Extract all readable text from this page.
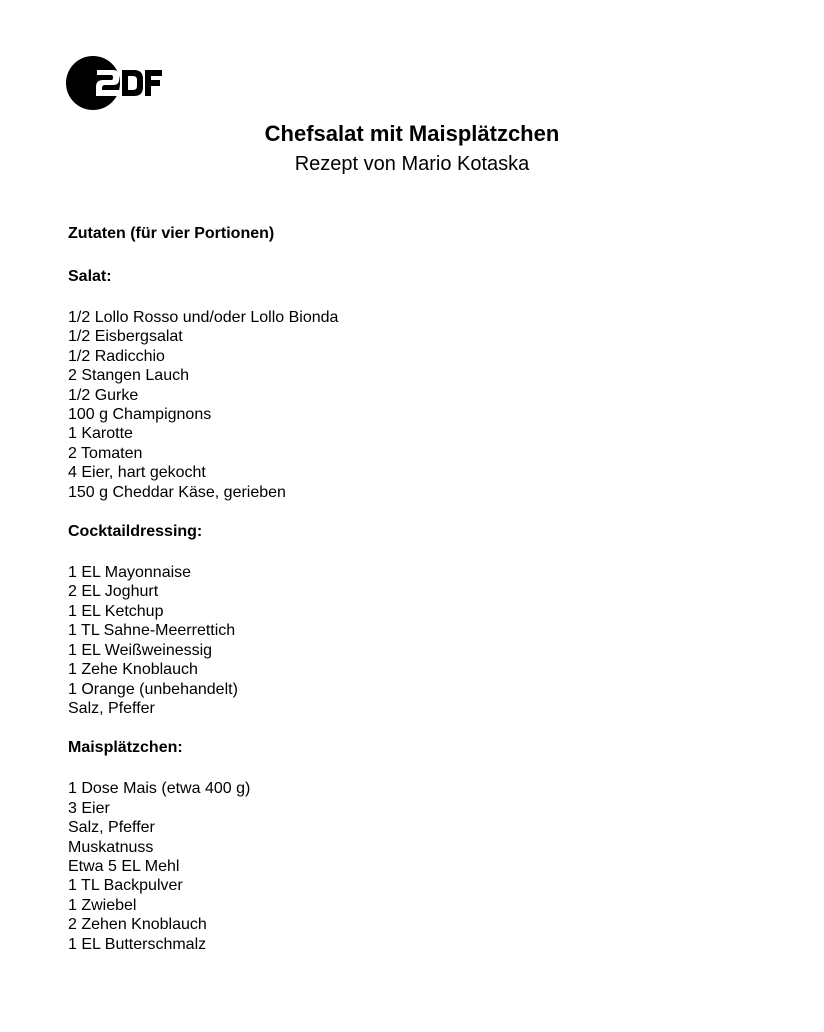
Chefsalat mit Maisplätzchen

Rezept von Mario Kotaska

Zutaten (für vier Portionen)

Salat:

1/2 Lollo Rosso und/oder Lollo Bionda
1/2 Eisbergsalat
1/2 Radicchio
2 Stangen Lauch
1/2 Gurke
100 g Champignons
1 Karotte
2 Tomaten
4 Eier, hart gekocht
150 g Cheddar Käse, gerieben

Cocktaildressing:

1 EL Mayonnaise
2 EL Joghurt
1 EL Ketchup
1 TL Sahne-Meerrettich
1 EL Weißweinessig
1 Zehe Knoblauch
1 Orange (unbehandelt)
Salz, Pfeffer

Maisplätzchen:

1 Dose Mais (etwa 400 g)
3 Eier
Salz, Pfeffer
Muskatnuss
Etwa 5 EL Mehl
1 TL Backpulver
1 Zwiebel
2 Zehen Knoblauch
1 EL Butterschmalz
